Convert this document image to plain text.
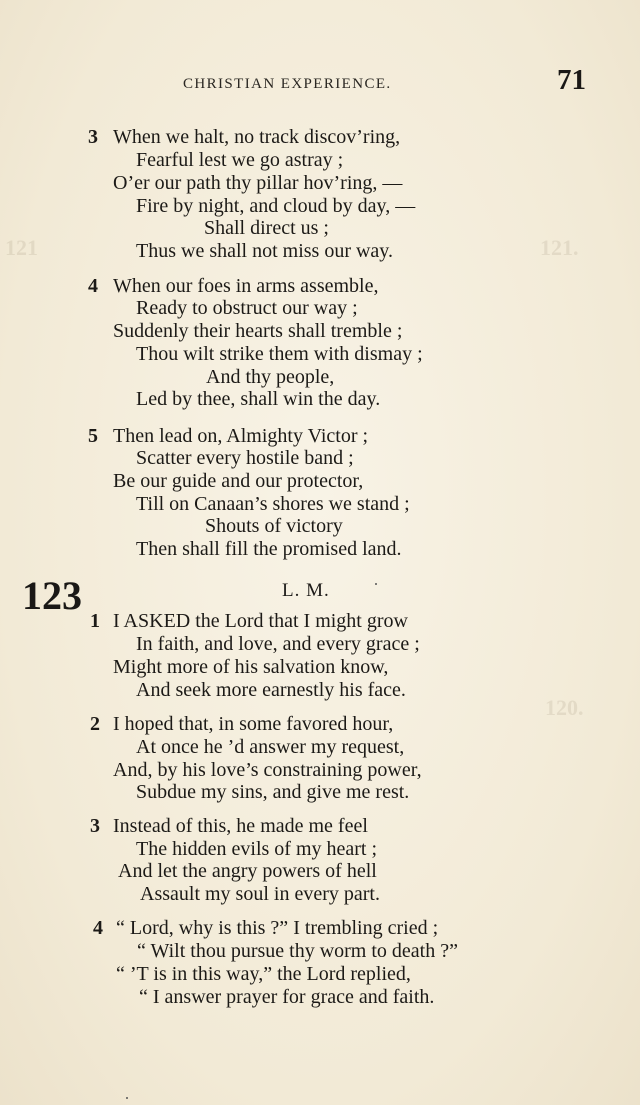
121	121.
120.
CHRISTIAN EXPERIENCE.	71
3 When we halt, no track discov’ring,
Fearful lest we go astray ;
O’er our path thy pillar hov’ring, —
Fire by night, and cloud by day, —
Shall direct us ;
Thus we shall not miss our way.
4 When our foes in arms assemble,
Ready to obstruct our way ;
Suddenly their hearts shall tremble ;
Thou wilt strike them with dismay ;
And thy people,
Led by thee, shall win the day.
5 Then lead on, Almighty Victor ;
Scatter every hostile band ;
Be our guide and our protector,
Till on Canaan’s shores we stand ;
Shouts of victory
Then shall fill the promised land.
123	L. M.
1 I ASKED the Lord that I might grow
In faith, and love, and every grace ;
Might more of his salvation know,
And seek more earnestly his face.
2 I hoped that, in some favored hour,
At once he ’d answer my request,
And, by his love’s constraining power,
Subdue my sins, and give me rest.
3 Instead of this, he made me feel
The hidden evils of my heart ;
And let the angry powers of hell
Assault my soul in every part.
4 “ Lord, why is this ?” I trembling cried ;
“ Wilt thou pursue thy worm to death ?”
“ ’T is in this way,” the Lord replied,
“ I answer prayer for grace and faith.
